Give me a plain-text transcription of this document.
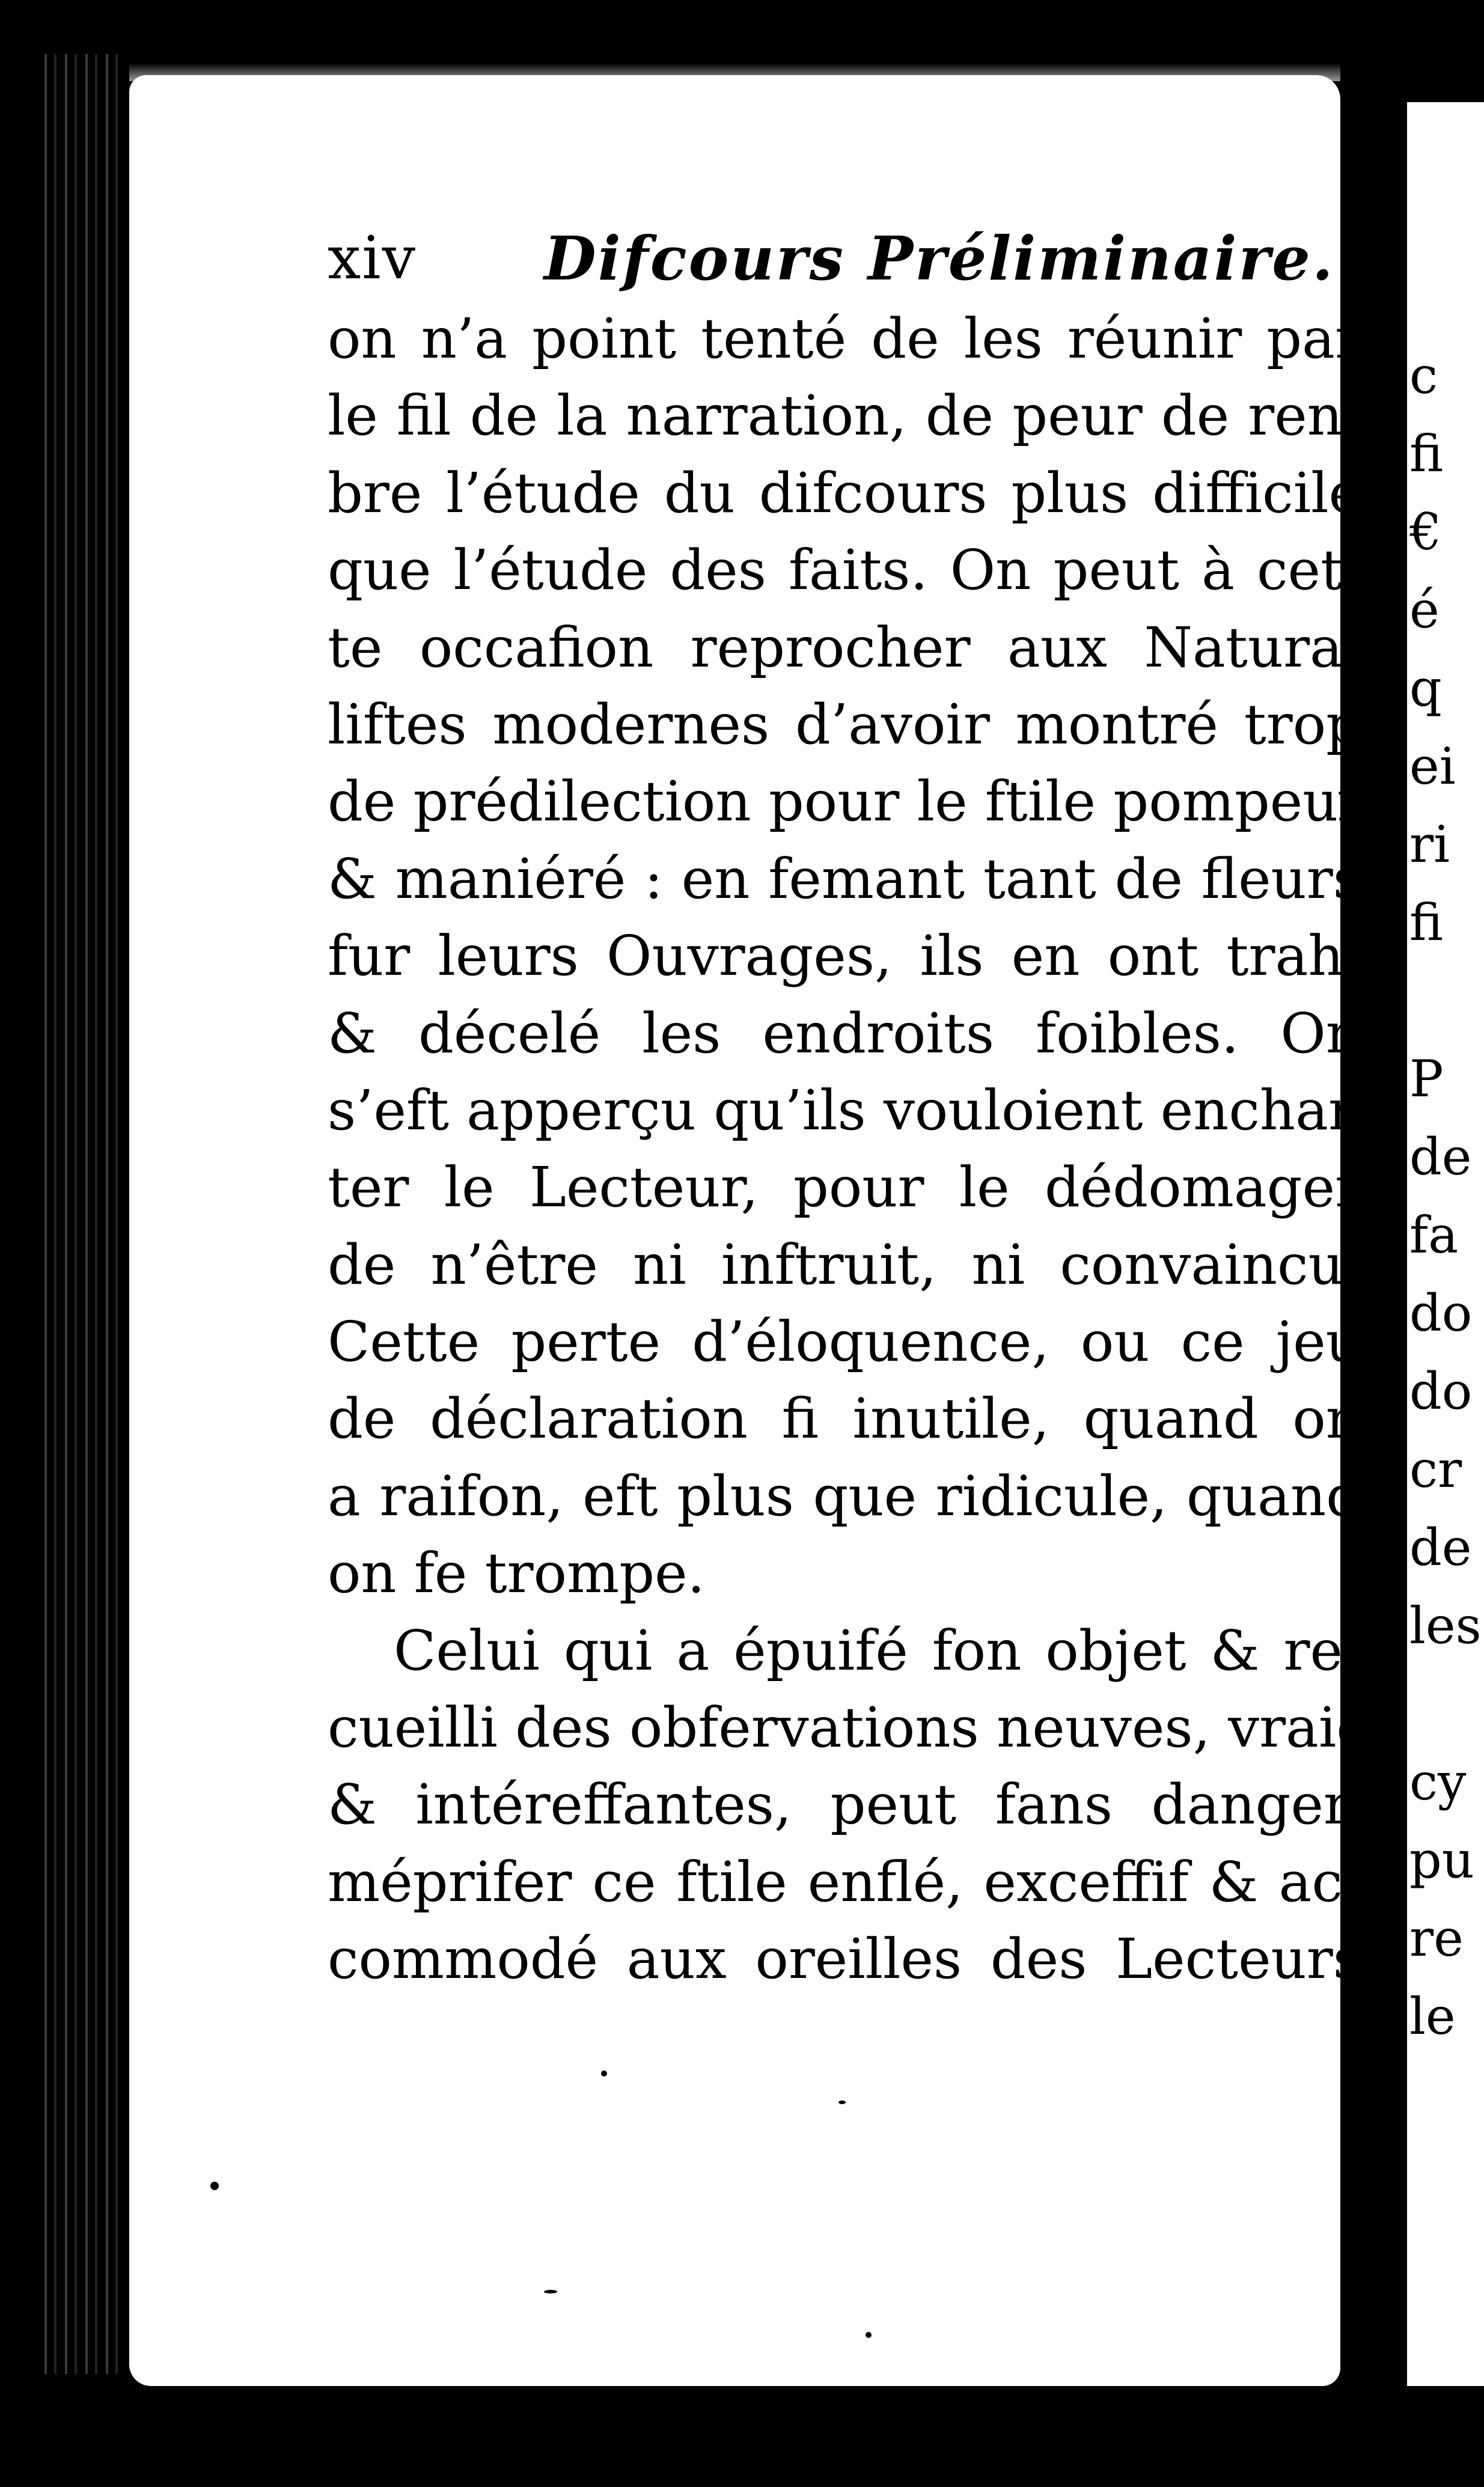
c
fi
€
é
q
ei
ri
fi
P
de
fa
do
do
cr
de
les
cy
pu
re
le
xiv Difcours Préliminaire.
on n’a point tenté de les réunir par
le fil de la narration, de peur de ren-
bre l’étude du difcours plus difficile
que l’étude des faits. On peut à cet-
te occafion reprocher aux Natura-
liftes modernes d’avoir montré trop
de prédilection pour le ftile pompeux
& maniéré : en femant tant de fleurs
fur leurs Ouvrages, ils en ont trahi
& décelé les endroits foibles. On
s’eft apperçu qu’ils vouloient enchan-
ter le Lecteur, pour le dédomager
de n’être ni inftruit, ni convaincu.
Cette perte d’éloquence, ou ce jeu
de déclaration fi inutile, quand on
a raifon, eft plus que ridicule, quand
on fe trompe.
Celui qui a épuifé fon objet & re-
cueilli des obfervations neuves, vraies
& intéreffantes, peut fans danger,
méprifer ce ftile enflé, exceffif & ac-
commodé aux oreilles des Lecteurs
